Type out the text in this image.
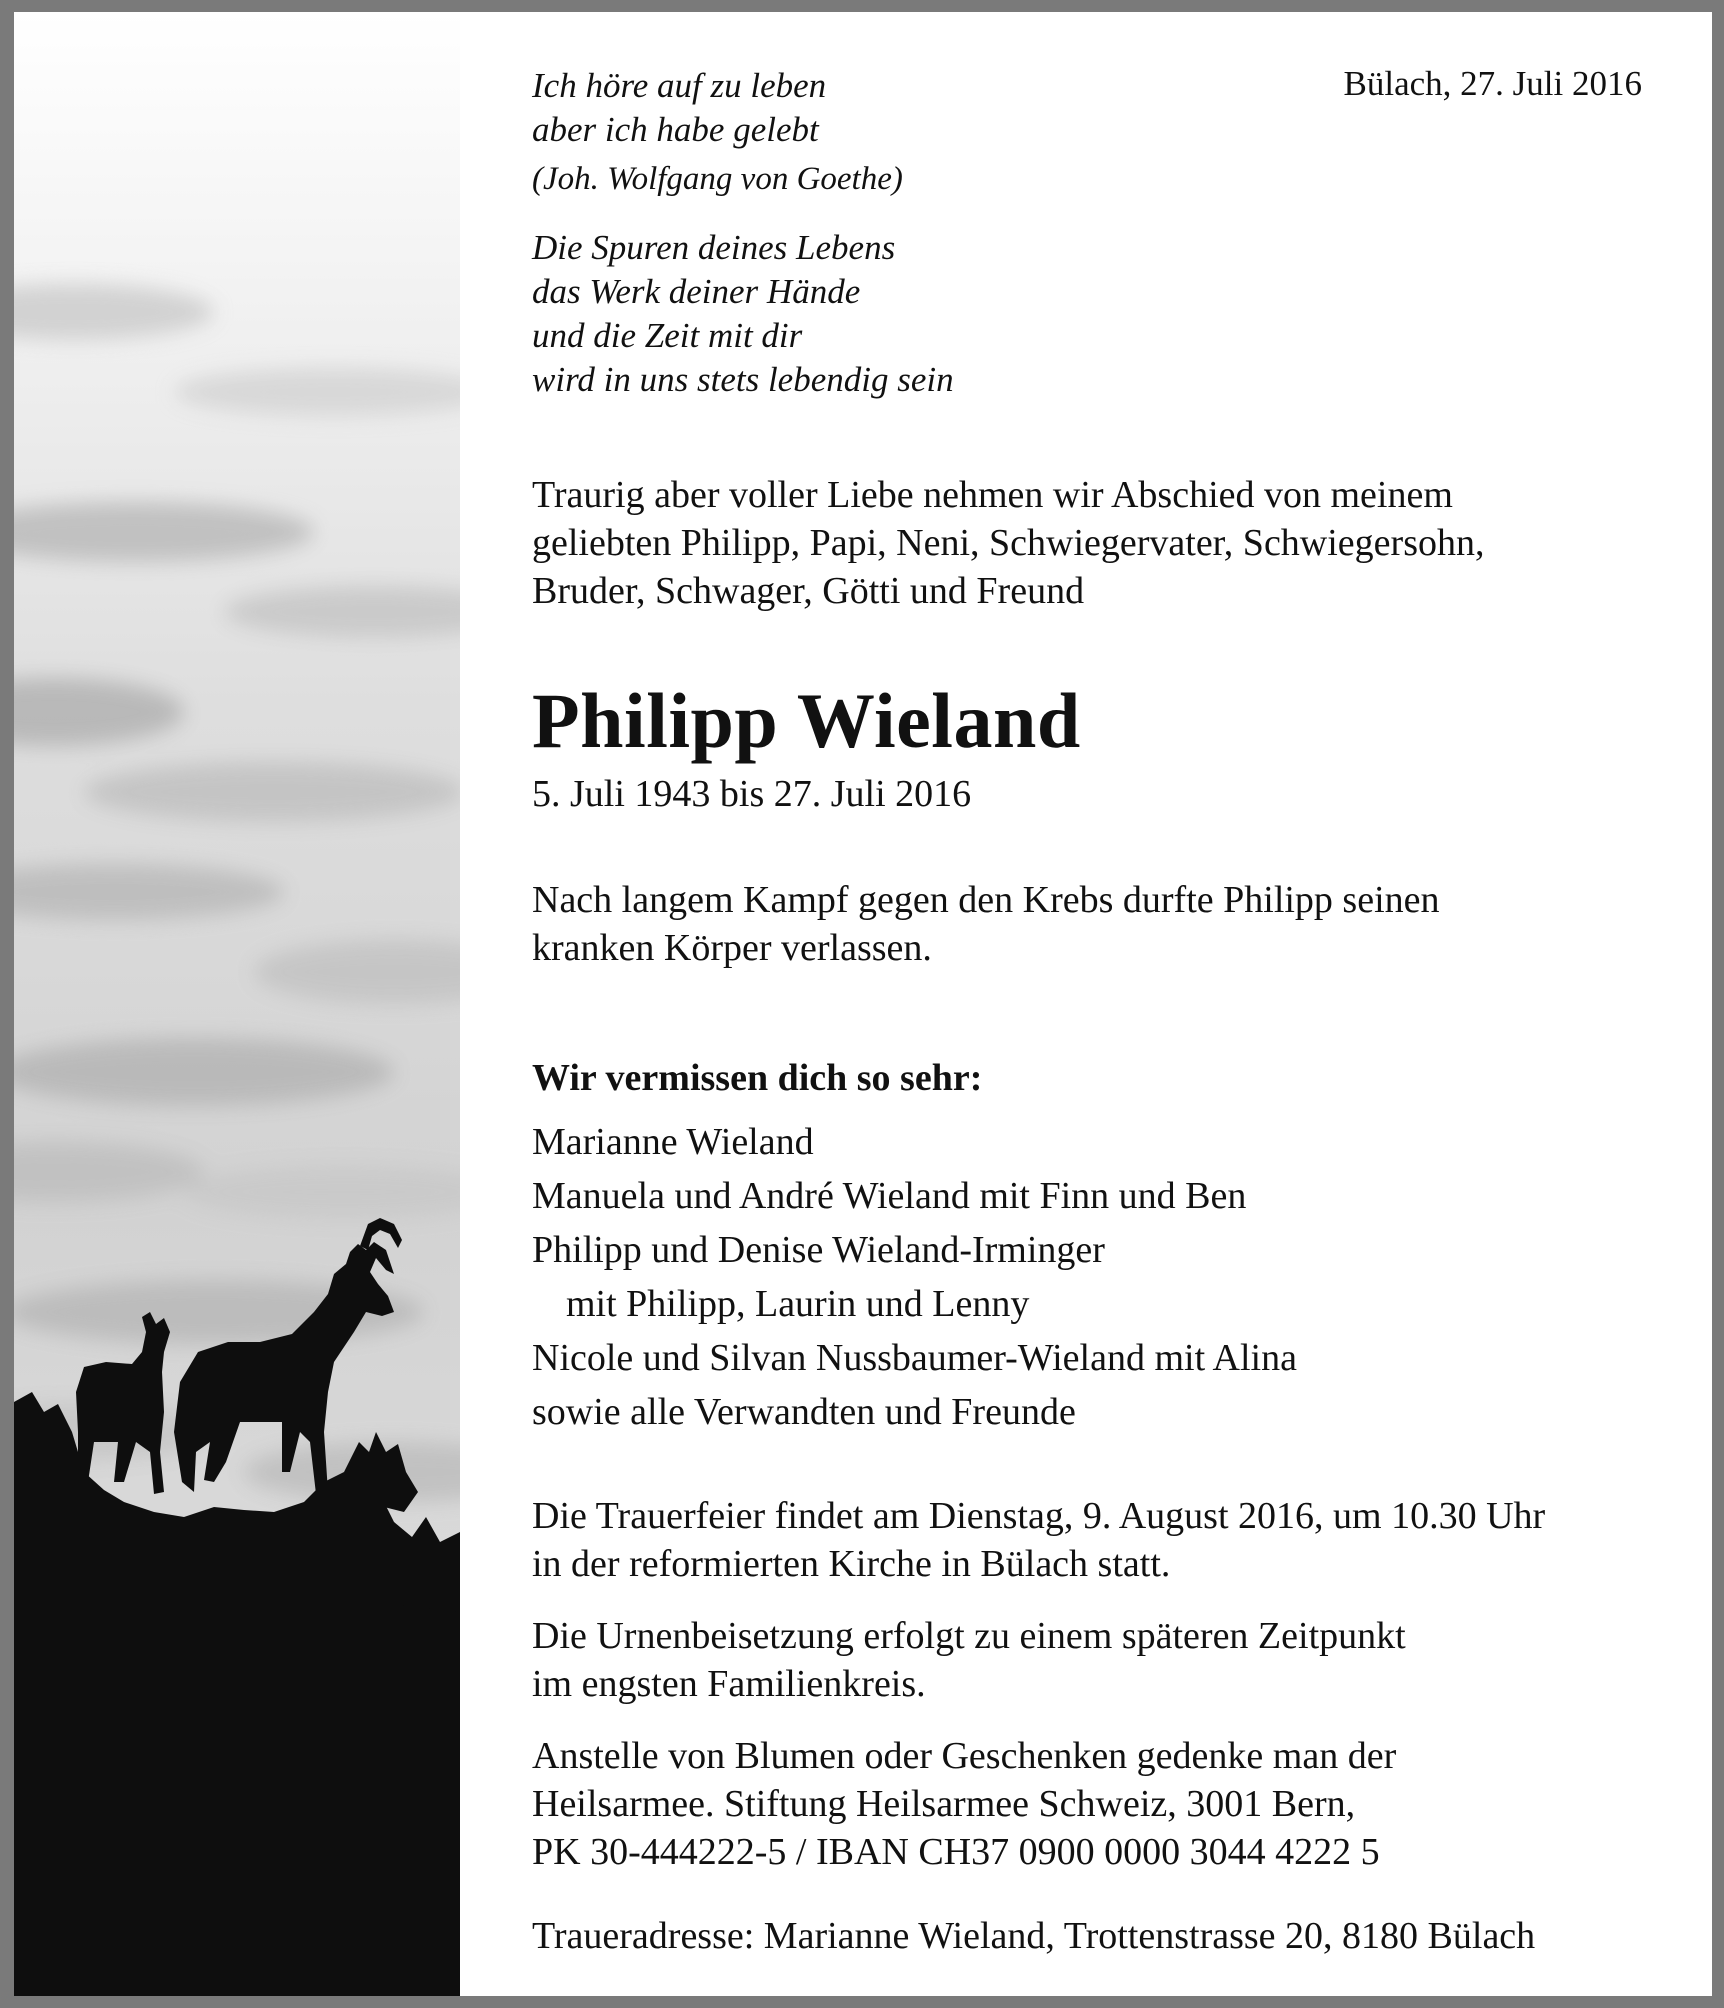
Ich höre auf zu leben	Bülach, 27. Juli 2016

aber ich habe gelebt

(Joh. Wolfgang von Goethe)

Die Spuren deines Lebens

das Werk deiner Hände

und die Zeit mit dir

wird in uns stets lebendig sein

Traurig aber voller Liebe nehmen wir Abschied von meinem

geliebten Philipp, Papi, Neni, Schwiegervater, Schwiegersohn,

Bruder, Schwager, Götti und Freund

Philipp Wieland

5. Juli 1943 bis 27. Juli 2016

Nach langem Kampf gegen den Krebs durfte Philipp seinen

kranken Körper verlassen.

Wir vermissen dich so sehr:

Marianne Wieland

Manuela und André Wieland mit Finn und Ben

Philipp und Denise Wieland-Irminger

mit Philipp, Laurin und Lenny

Nicole und Silvan Nussbaumer-Wieland mit Alina

sowie alle Verwandten und Freunde

Die Trauerfeier findet am Dienstag, 9. August 2016, um 10.30 Uhr

in der reformierten Kirche in Bülach statt.

Die Urnenbeisetzung erfolgt zu einem späteren Zeitpunkt

im engsten Familienkreis.

Anstelle von Blumen oder Geschenken gedenke man der

Heilsarmee. Stiftung Heilsarmee Schweiz, 3001 Bern,

PK 30-444222-5 / IBAN CH37 0900 0000 3044 4222 5

Traueradresse: Marianne Wieland, Trottenstrasse 20, 8180 Bülach
